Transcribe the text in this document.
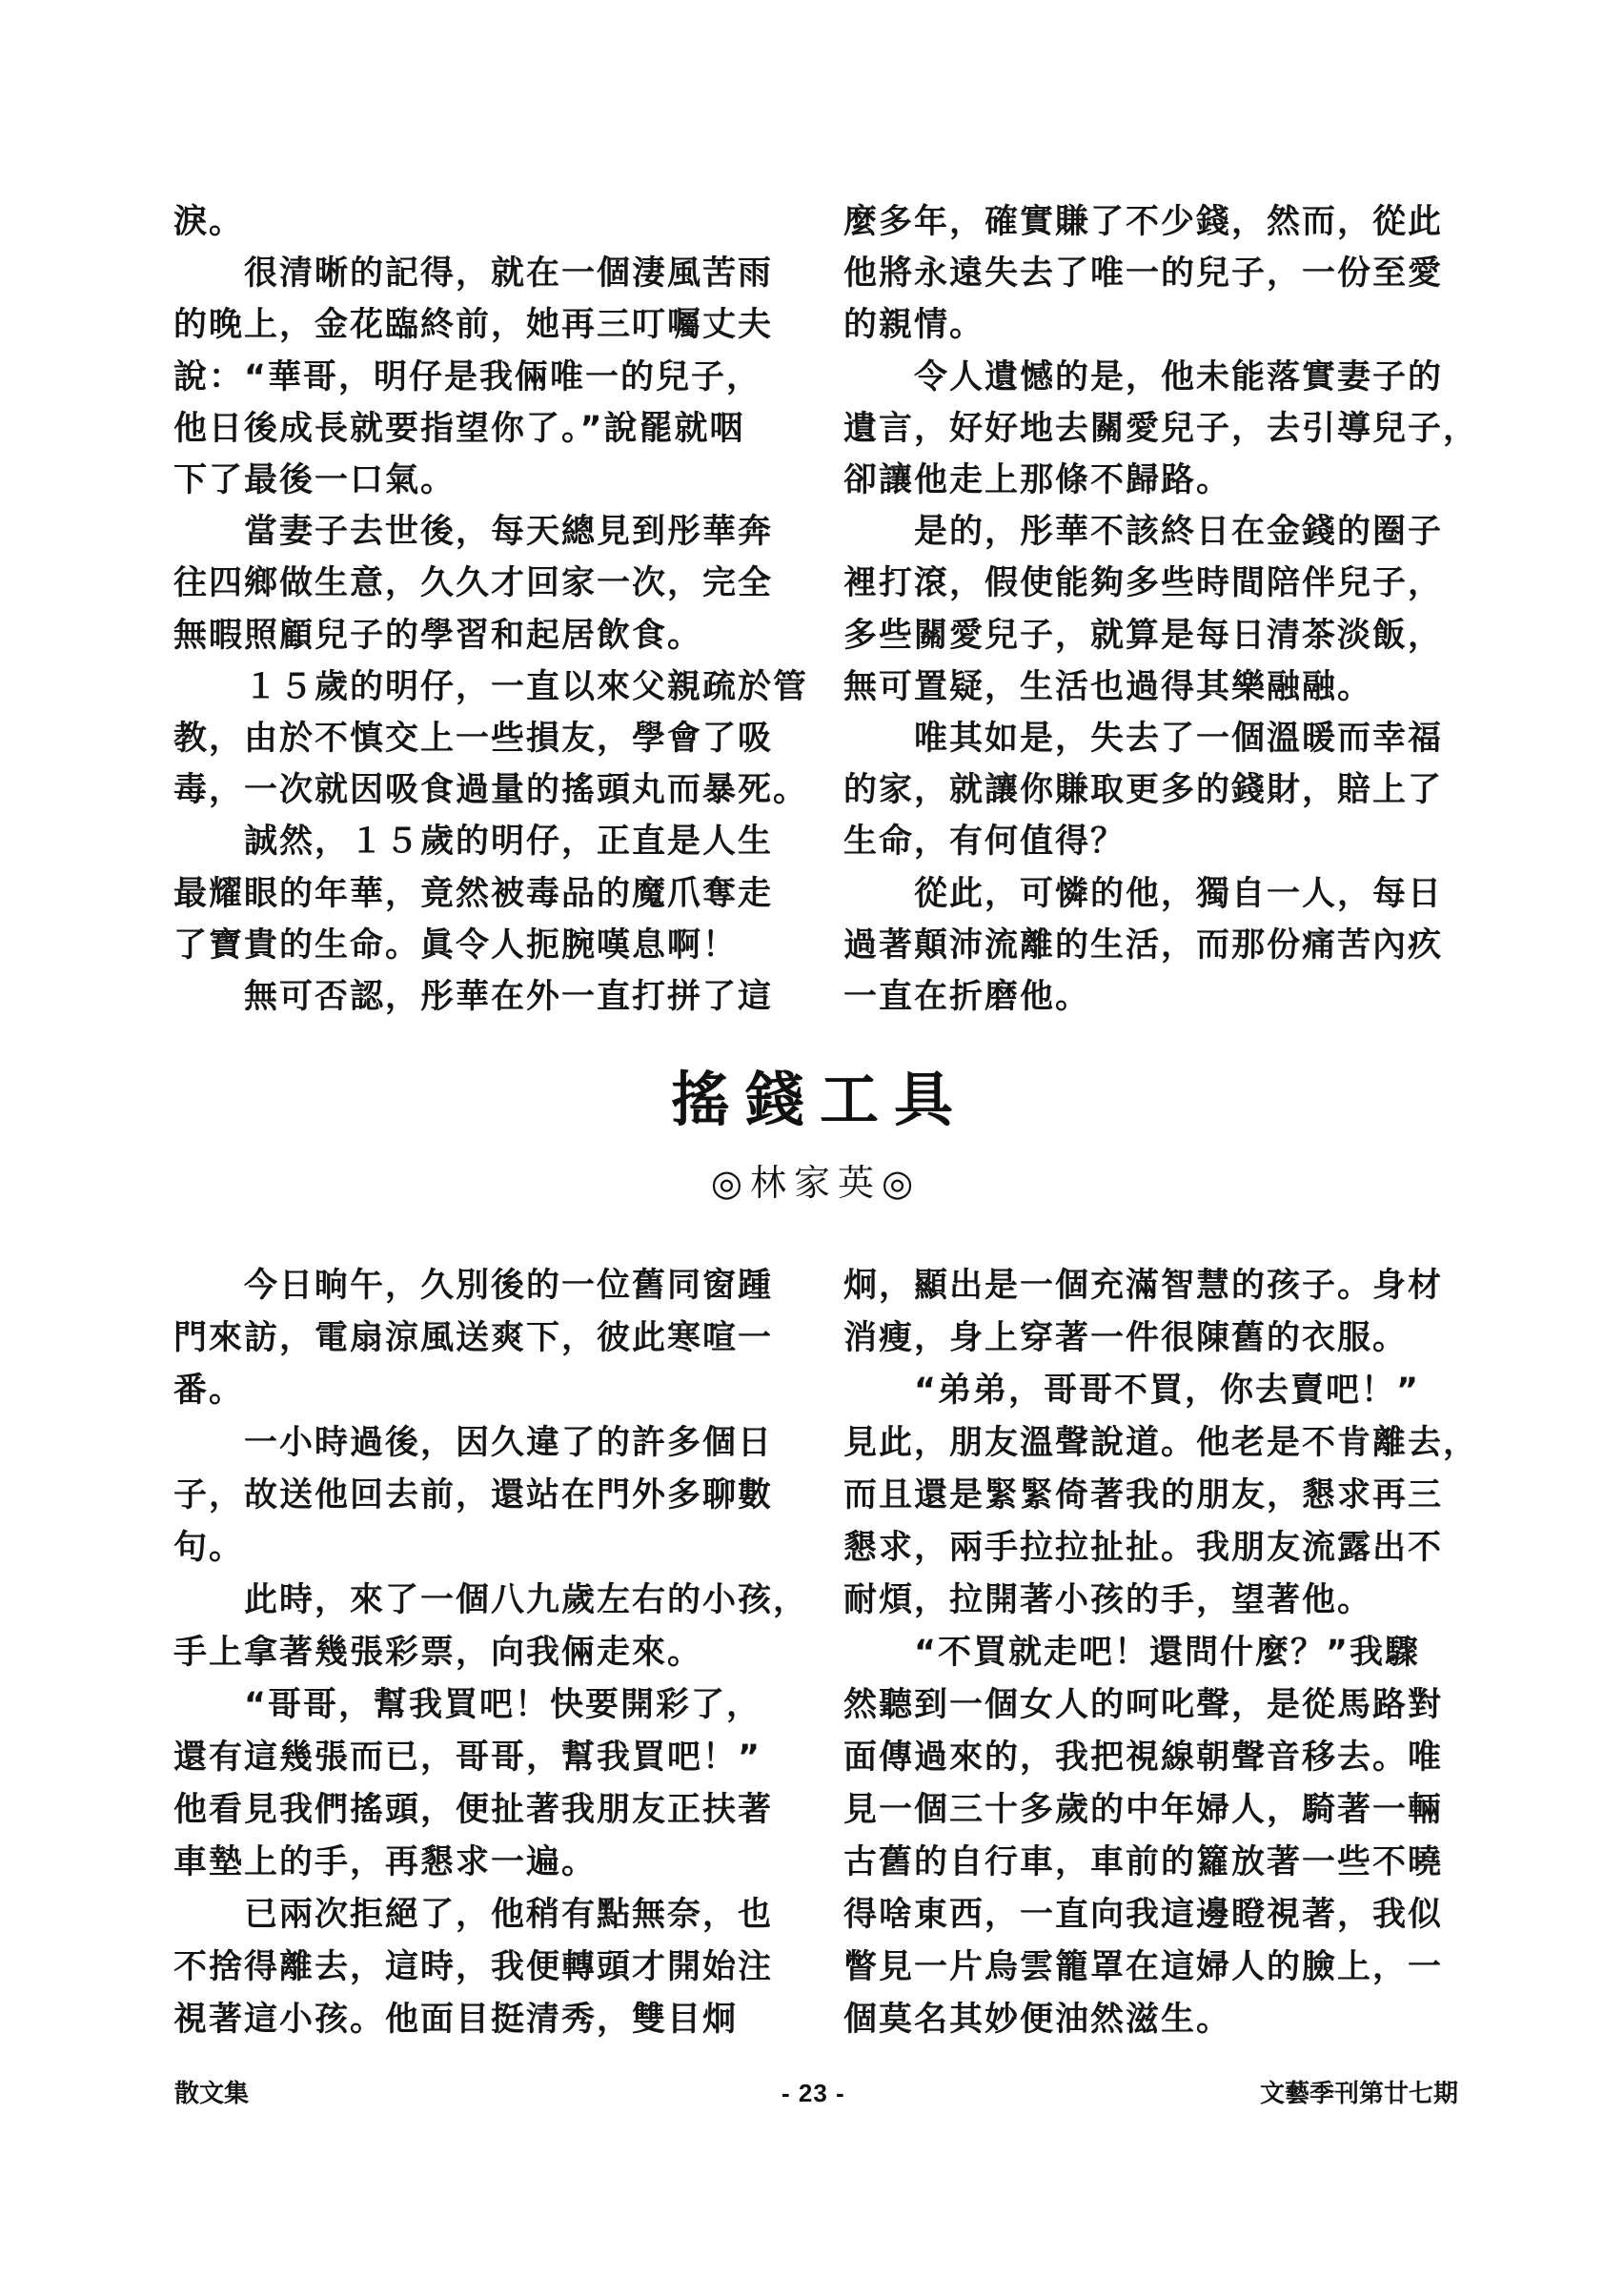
淚。

很清晰的記得，就在一個淒風苦雨

的晚上，金花臨終前，她再三叮囑丈夫

說：“華哥，明仔是我倆唯一的兒子，

他日後成長就要指望你了。”說罷就咽

下了最後一口氣。

當妻子去世後，每天總見到彤華奔

往四鄉做生意，久久才回家一次，完全

無暇照顧兒子的學習和起居飲食。

１５歲的明仔，一直以來父親疏於管

教，由於不慎交上一些損友，學會了吸

毒，一次就因吸食過量的搖頭丸而暴死。

誠然，１５歲的明仔，正直是人生

最耀眼的年華，竟然被毒品的魔爪奪走

了寶貴的生命。眞令人扼腕嘆息啊！

無可否認，彤華在外一直打拼了這

麼多年，確實賺了不少錢，然而，從此

他將永遠失去了唯一的兒子，一份至愛

的親情。

令人遺憾的是，他未能落實妻子的

遺言，好好地去關愛兒子，去引導兒子，

卻讓他走上那條不歸路。

是的，彤華不該終日在金錢的圈子

裡打滾，假使能夠多些時間陪伴兒子，

多些關愛兒子，就算是每日清茶淡飯，

無可置疑，生活也過得其樂融融。

唯其如是，失去了一個溫暖而幸福

的家，就讓你賺取更多的錢財，賠上了

生命，有何值得？

從此，可憐的他，獨自一人，每日

過著顛沛流離的生活，而那份痛苦內疚

一直在折磨他。

搖錢工具
◎林家英◎

今日晌午，久別後的一位舊同窗踵

門來訪，電扇涼風送爽下，彼此寒喧一

番。

一小時過後，因久違了的許多個日

子，故送他回去前，還站在門外多聊數

句。

此時，來了一個八九歲左右的小孩，

手上拿著幾張彩票，向我倆走來。

“哥哥，幫我買吧！快要開彩了，

還有這幾張而已，哥哥，幫我買吧！”

他看見我們搖頭，便扯著我朋友正扶著

車墊上的手，再懇求一遍。

已兩次拒絕了，他稍有點無奈，也

不捨得離去，這時，我便轉頭才開始注

視著這小孩。他面目挺清秀，雙目炯

炯，顯出是一個充滿智慧的孩子。身材

消瘦，身上穿著一件很陳舊的衣服。

“弟弟，哥哥不買，你去賣吧！”

見此，朋友溫聲說道。他老是不肯離去，

而且還是緊緊倚著我的朋友，懇求再三

懇求，兩手拉拉扯扯。我朋友流露出不

耐煩，拉開著小孩的手，望著他。

“不買就走吧！還問什麼？”我驟

然聽到一個女人的呵叱聲，是從馬路對

面傳過來的，我把視線朝聲音移去。唯

見一個三十多歲的中年婦人，騎著一輛

古舊的自行車，車前的籮放著一些不曉

得啥東西，一直向我這邊瞪視著，我似

瞥見一片烏雲籠罩在這婦人的臉上，一

個莫名其妙便油然滋生。

散文集	- 23 -	文藝季刊第廿七期
